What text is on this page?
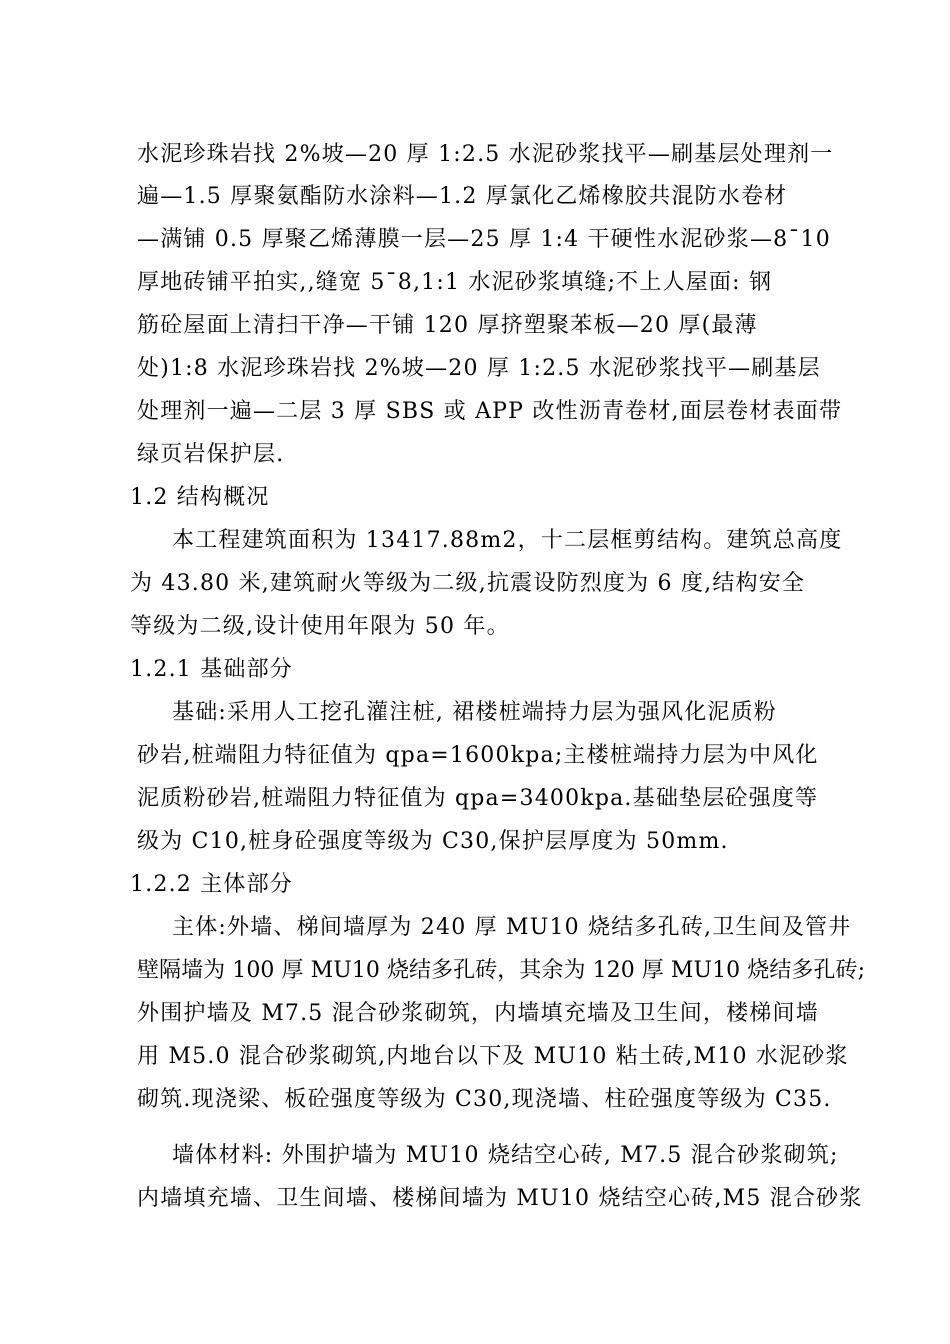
水泥珍珠岩找 2%坡—20 厚 1:2.5 水泥砂浆找平—刷基层处理剂一
遍—1.5 厚聚氨酯防水涂料—1.2 厚氯化乙烯橡胶共混防水卷材
—满铺 0.5 厚聚乙烯薄膜一层—25 厚 1:4 干硬性水泥砂浆—8¯10
厚地砖铺平拍实,,缝宽 5¯8,1:1 水泥砂浆填缝;不上人屋面: 钢
筋砼屋面上清扫干净—干铺 120 厚挤塑聚苯板—20 厚(最薄
处)1:8 水泥珍珠岩找 2%坡—20 厚 1:2.5 水泥砂浆找平—刷基层
处理剂一遍—二层 3 厚 SBS 或 APP 改性沥青卷材,面层卷材表面带
绿页岩保护层.
1.2 结构概况
本工程建筑面积为 13417.88m2，十二层框剪结构。建筑总高度
为 43.80 米,建筑耐火等级为二级,抗震设防烈度为 6 度,结构安全
等级为二级,设计使用年限为 50 年。
1.2.1 基础部分
基础:采用人工挖孔灌注桩, 裙楼桩端持力层为强风化泥质粉
砂岩,桩端阻力特征值为 qpa=1600kpa;主楼桩端持力层为中风化
泥质粉砂岩,桩端阻力特征值为 qpa=3400kpa.基础垫层砼强度等
级为 C10,桩身砼强度等级为 C30,保护层厚度为 50mm.
1.2.2 主体部分
主体:外墙、梯间墙厚为 240 厚 MU10 烧结多孔砖,卫生间及管井
壁隔墙为 100 厚 MU10 烧结多孔砖，其余为 120 厚 MU10 烧结多孔砖;
外围护墙及 M7.5 混合砂浆砌筑，内墙填充墙及卫生间，楼梯间墙
用 M5.0 混合砂浆砌筑,内地台以下及 MU10 粘土砖,M10 水泥砂浆
砌筑.现浇梁、板砼强度等级为 C30,现浇墙、柱砼强度等级为 C35.
墙体材料: 外围护墙为 MU10 烧结空心砖, M7.5 混合砂浆砌筑;
内墙填充墙、卫生间墙、楼梯间墙为 MU10 烧结空心砖,M5 混合砂浆
